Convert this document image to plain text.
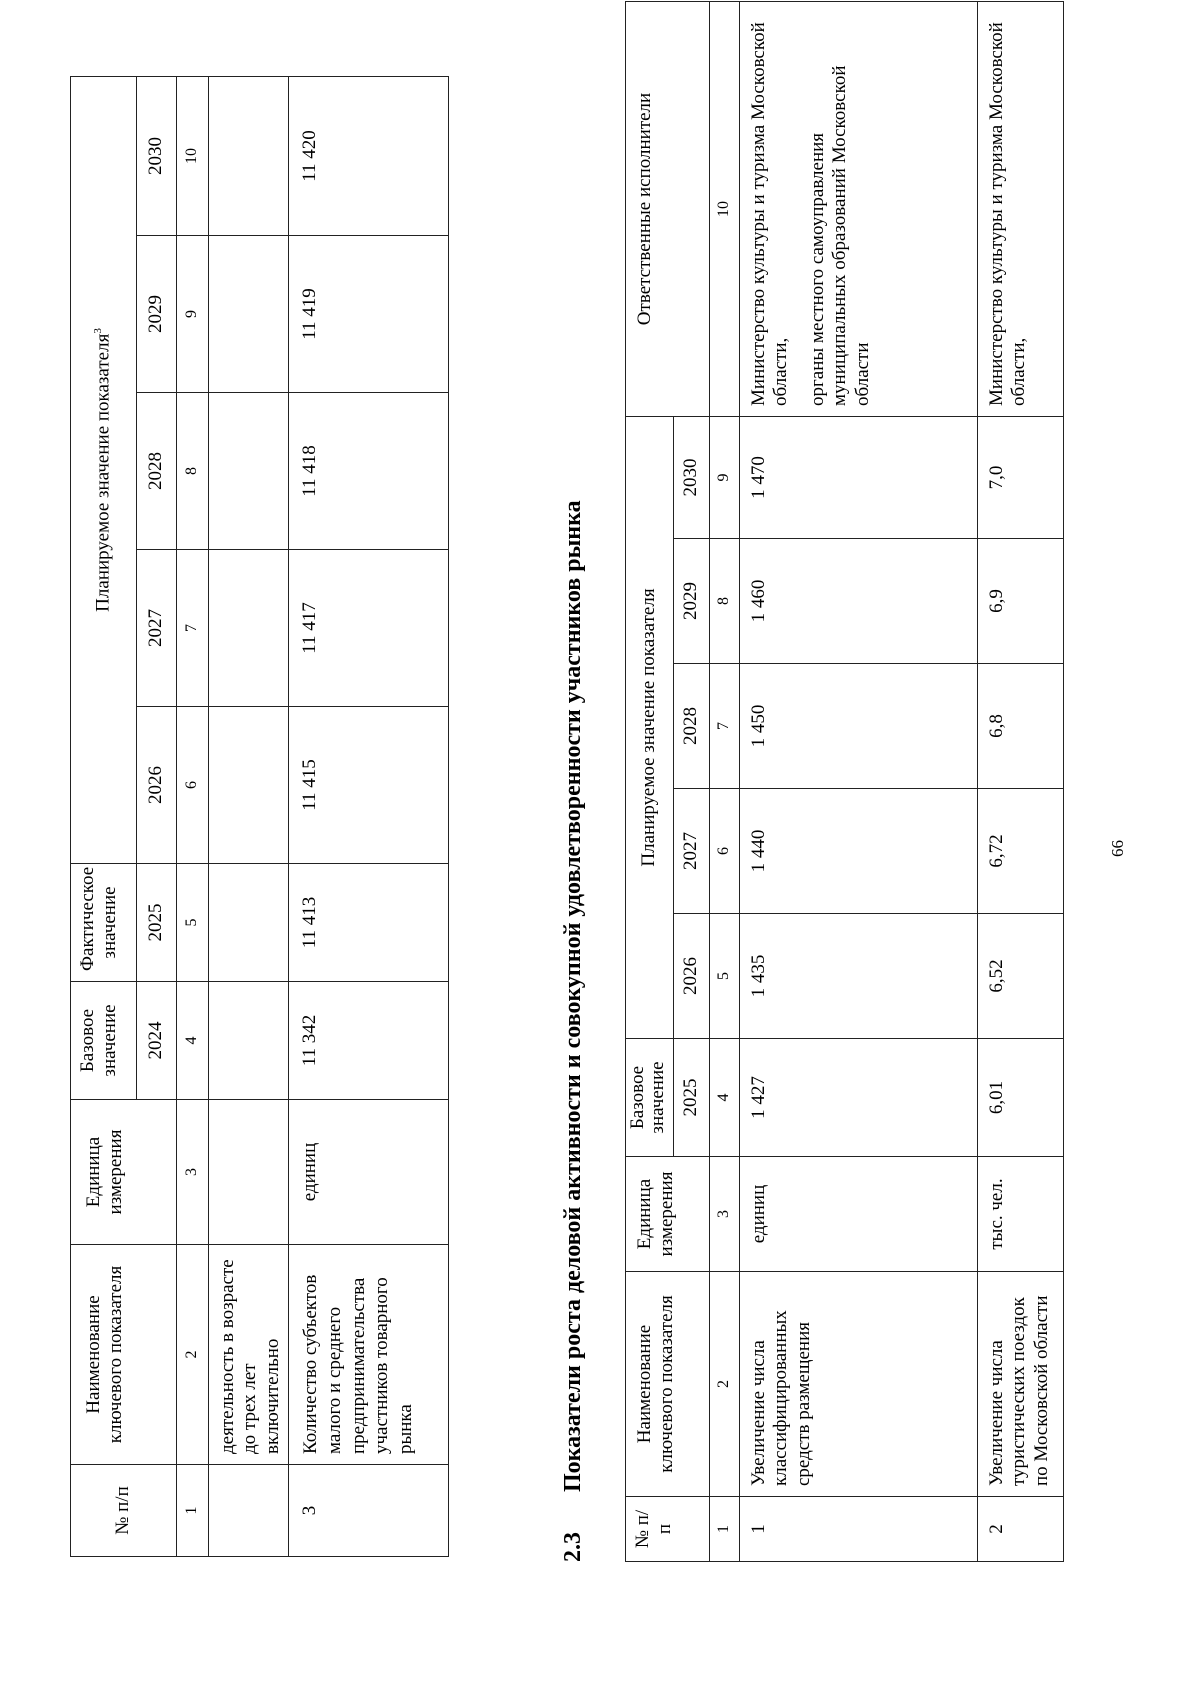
66
№ п/п	Наименование ключевого показателя	Единица измерения	Базовое значение	Фактическое значение	Планируемое значение показателя$^3$
			2024	2025	2026	2027	2028	2029	2030
1	2	3	4	5	6	7	8	9	10
	деятельность в возрасте до трех лет включительно								
3	Количество субъектов малого и среднего предпринимательства участников товарного рынка	единиц	11 342	11 413	11 415	11 417	11 418	11 419	11 420
2.3Показатели роста деловой активности и совокупной удовлетворенности участников рынка
№ п/п	Наименование ключевого показателя	Единица измерения	Базовое значение	Планируемое значение показателя					Ответственные исполнители
			2025	2026	2027	2028	2029	2030	
1	2	3	4	5	6	7	8	9	10
1	Увеличение числа классифицированных средств размещения	единиц	1 427	1 435	1 440	1 450	1 460	1 470	Министерство культуры и туризма Московской области, органы местного самоуправления муниципальных образований Московской области

2	Увеличение числа туристических поездок по Московской области	тыс. чел.	6,01	6,52	6,72	6,8	6,9	7,0	Министерство культуры и туризма Московской области,
